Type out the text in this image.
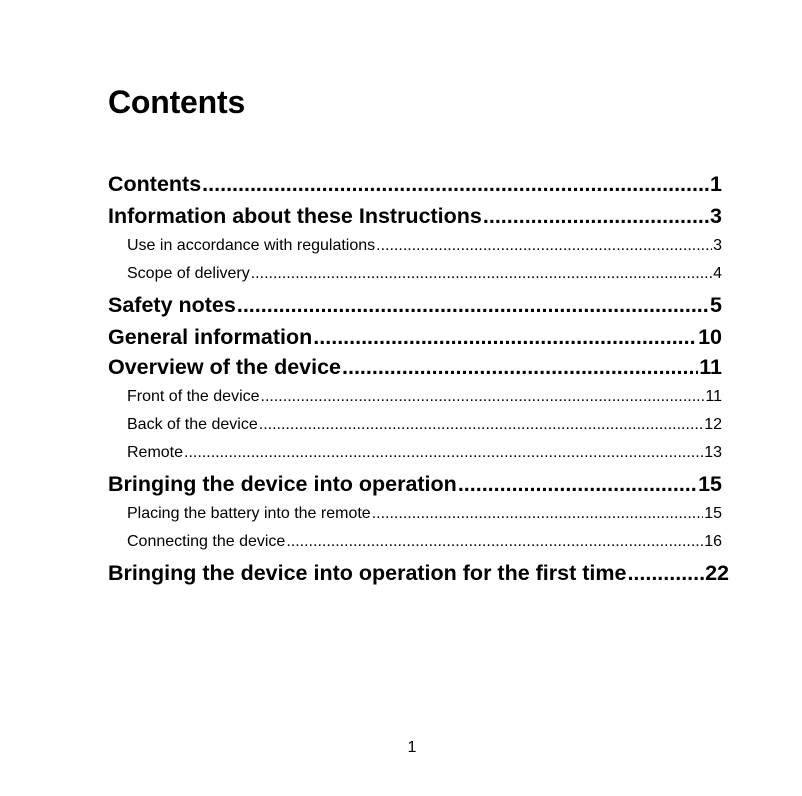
Contents
Contents .....	1
Information about these Instructions .....	3
Use in accordance with regulations .....	3
Scope of delivery .....	4
Safety notes .....	5
General information .....	10
Overview of the device .....	11
Front of the device .....	11
Back of the device .....	12
Remote .....	13
Bringing the device into operation .....	15
Placing the battery into the remote .....	15
Connecting the device .....	16
Bringing the device into operation for the first time .....	22
1
